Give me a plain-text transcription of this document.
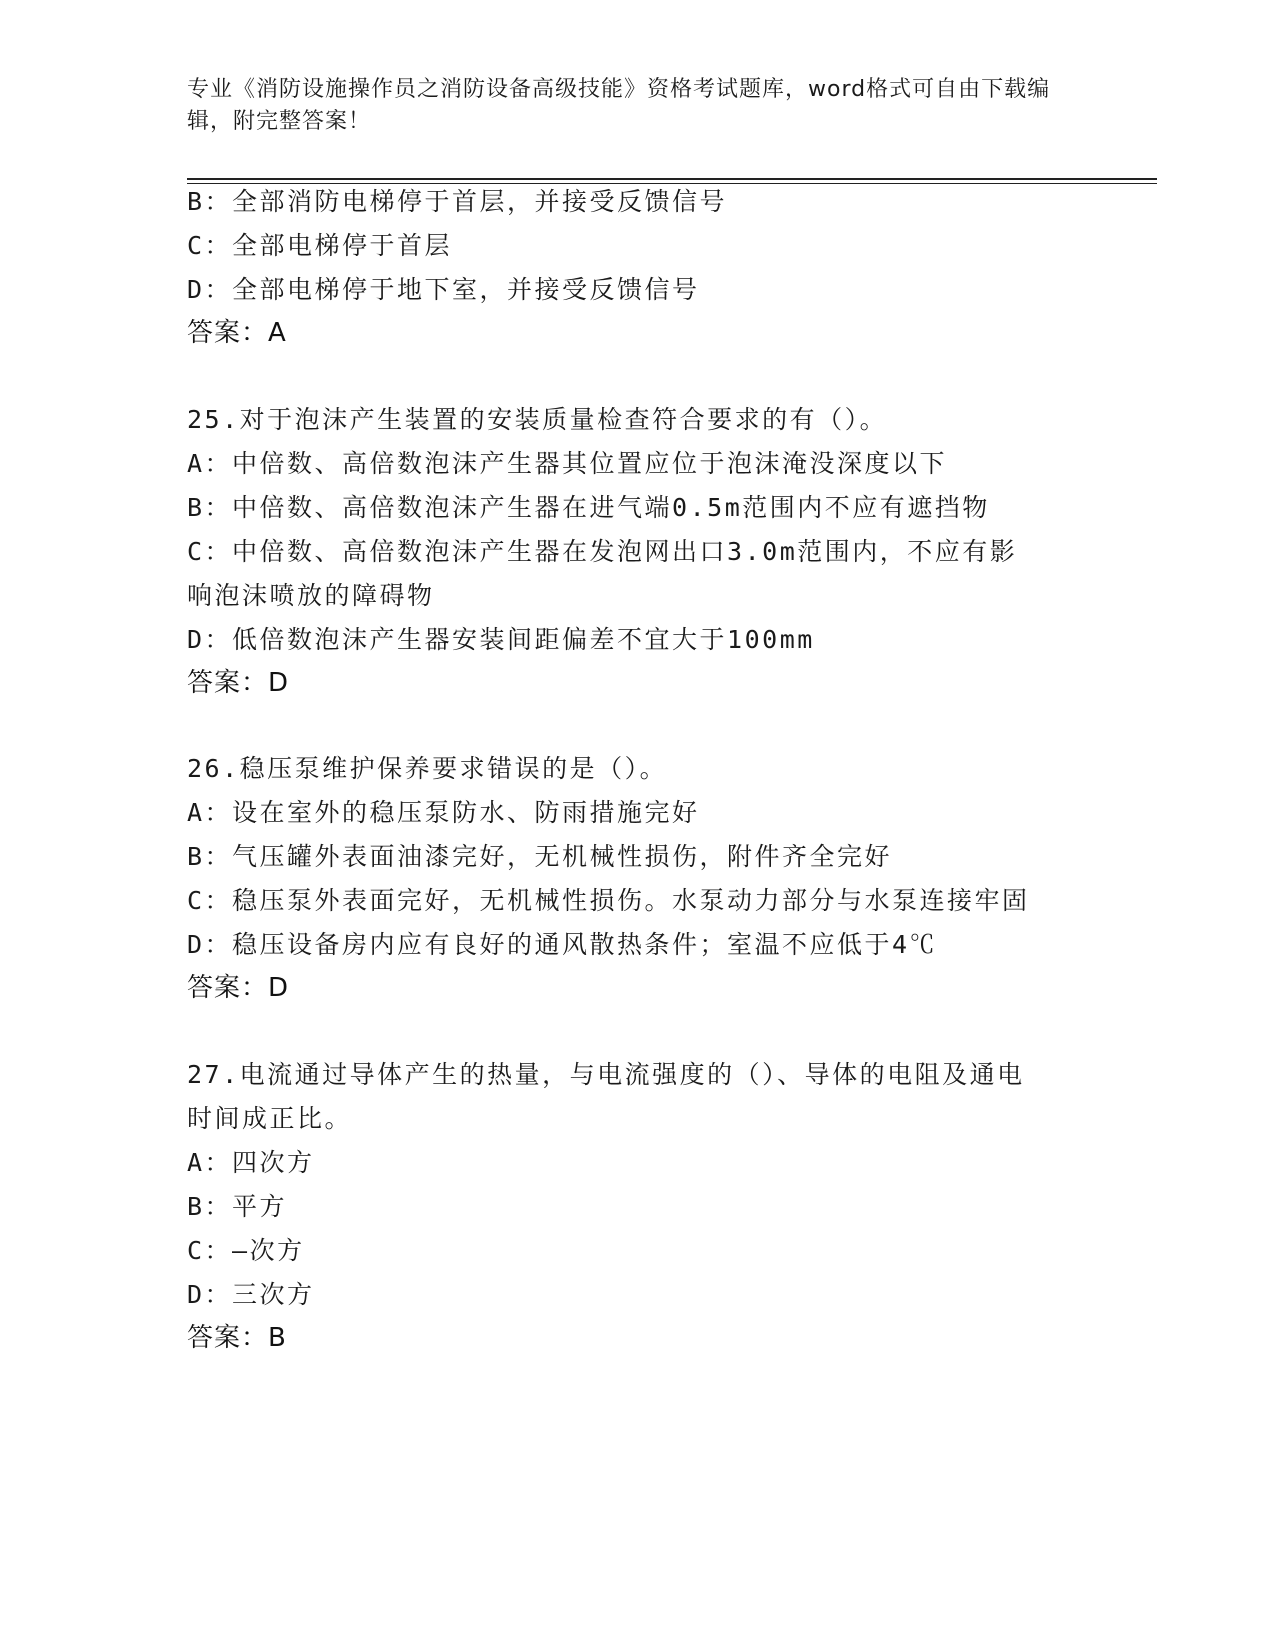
专业《消防设施操作员之消防设备高级技能》资格考试题库，word格式可自由下载编辑，附完整答案！
B：全部消防电梯停于首层，并接受反馈信号
C：全部电梯停于首层
D：全部电梯停于地下室，并接受反馈信号
答案：A
25.对于泡沫产生装置的安装质量检查符合要求的有（）。
A：中倍数、高倍数泡沫产生器其位置应位于泡沫淹没深度以下
B：中倍数、高倍数泡沫产生器在进气端0.5m范围内不应有遮挡物
C：中倍数、高倍数泡沫产生器在发泡网出口3.0m范围内，不应有影
响泡沫喷放的障碍物
D：低倍数泡沫产生器安装间距偏差不宜大于100mm
答案：D
26.稳压泵维护保养要求错误的是（）。
A：设在室外的稳压泵防水、防雨措施完好
B：气压罐外表面油漆完好，无机械性损伤，附件齐全完好
C：稳压泵外表面完好，无机械性损伤。水泵动力部分与水泵连接牢固
D：稳压设备房内应有良好的通风散热条件；室温不应低于4℃
答案：D
27.电流通过导体产生的热量，与电流强度的（）、导体的电阻及通电
时间成正比。
A：四次方
B：平方
C：—次方
D：三次方
答案：B
